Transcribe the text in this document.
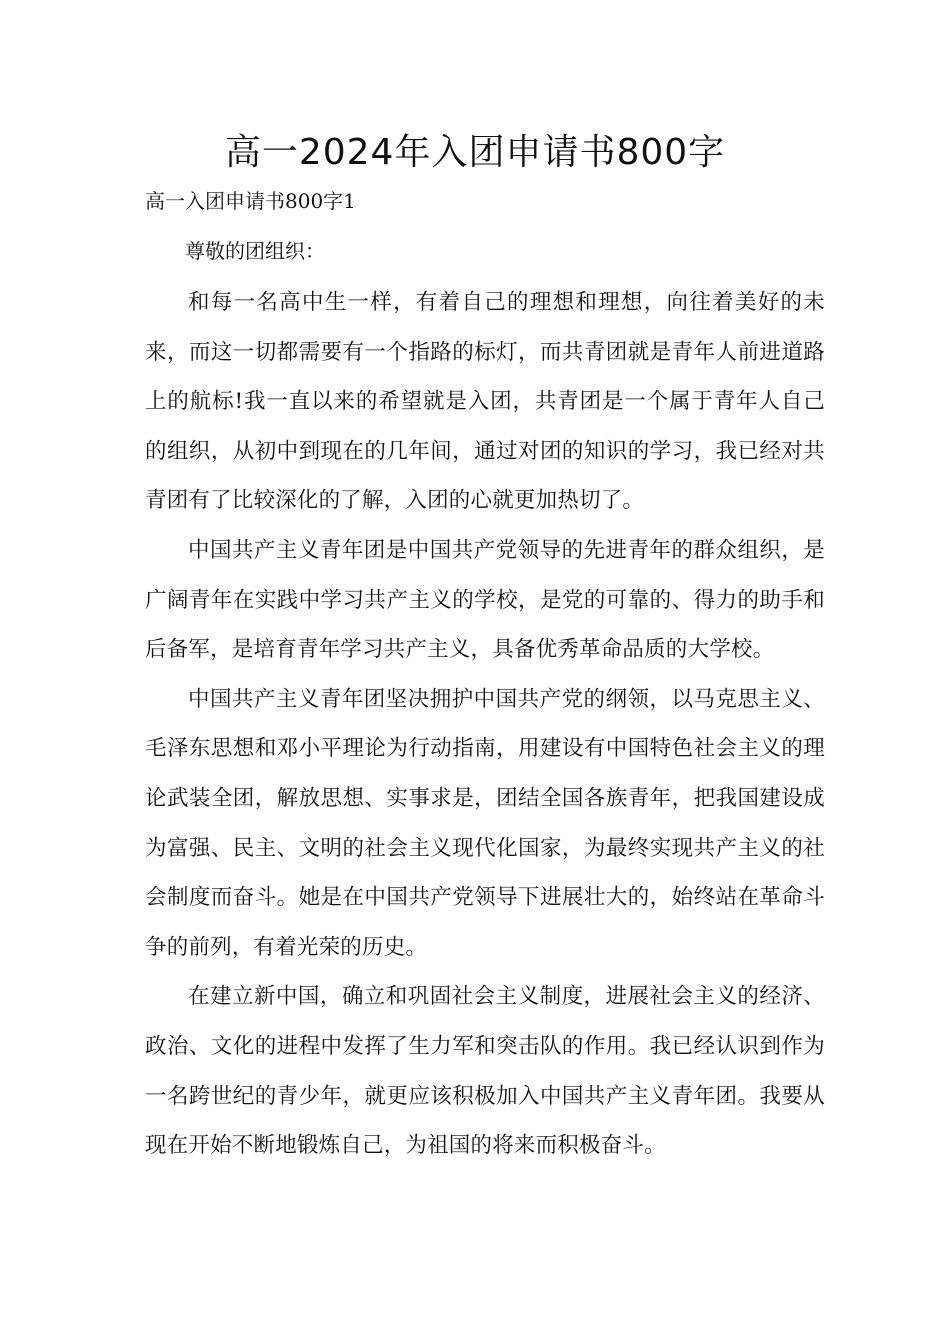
高一2024年入团申请书800字
高一入团申请书800字1

尊敬的团组织：

和每一名高中生一样，有着自己的理想和理想，向往着美好的未来，而这一切都需要有一个指路的标灯，而共青团就是青年人前进道路上的航标!我一直以来的希望就是入团，共青团是一个属于青年人自己的组织，从初中到现在的几年间，通过对团的知识的学习，我已经对共青团有了比较深化的了解，入团的心就更加热切了。

中国共产主义青年团是中国共产党领导的先进青年的群众组织，是广阔青年在实践中学习共产主义的学校，是党的可靠的、得力的助手和后备军，是培育青年学习共产主义，具备优秀革命品质的大学校。

中国共产主义青年团坚决拥护中国共产党的纲领，以马克思主义、毛泽东思想和邓小平理论为行动指南，用建设有中国特色社会主义的理论武装全团，解放思想、实事求是，团结全国各族青年，把我国建设成为富强、民主、文明的社会主义现代化国家，为最终实现共产主义的社会制度而奋斗。她是在中国共产党领导下进展壮大的，始终站在革命斗争的前列，有着光荣的历史。

在建立新中国，确立和巩固社会主义制度，进展社会主义的经济、政治、文化的进程中发挥了生力军和突击队的作用。我已经认识到作为一名跨世纪的青少年，就更应该积极加入中国共产主义青年团。我要从现在开始不断地锻炼自己，为祖国的将来而积极奋斗。
